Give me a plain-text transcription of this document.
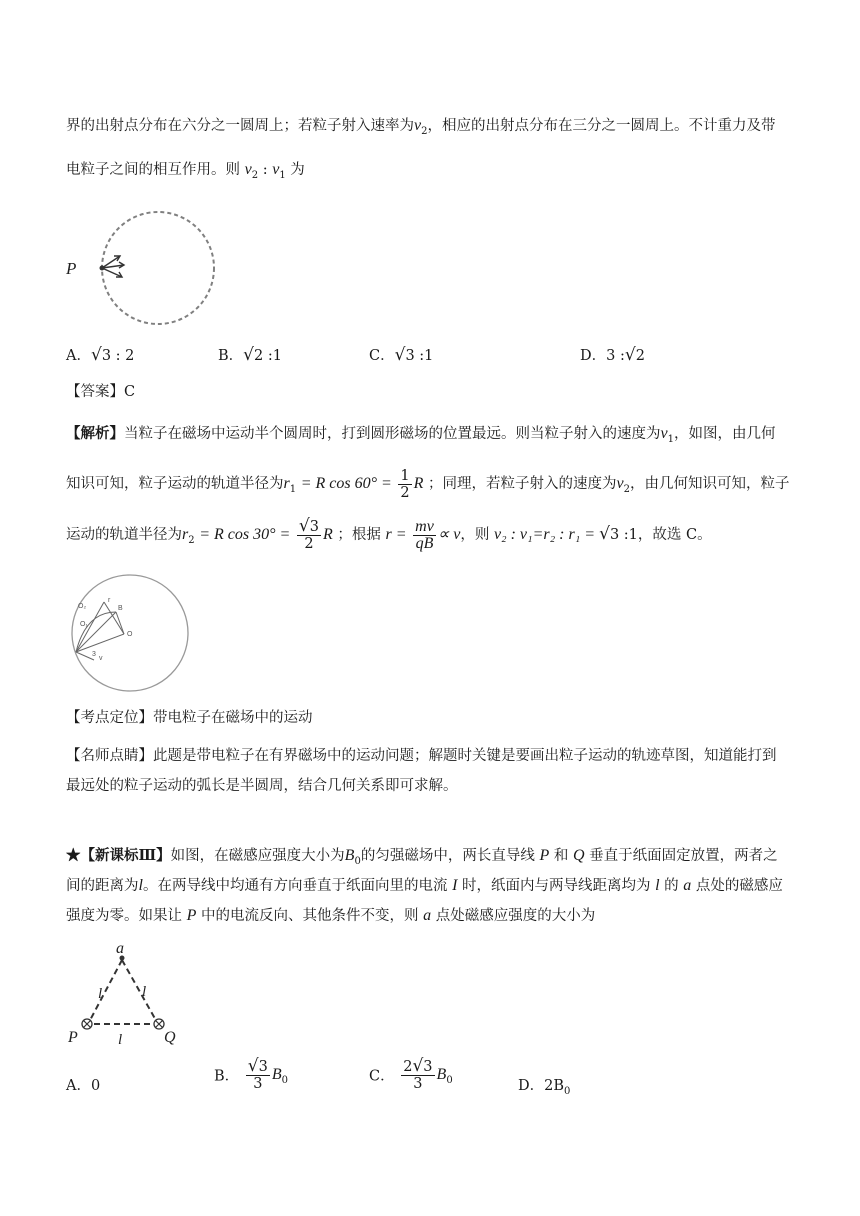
界的出射点分布在六分之一圆周上；若粒子射入速率为$v_2$，相应的出射点分布在三分之一圆周上。不计重力及带
电粒子之间的相互作用。则 $v_2$ : $v_1$ 为
P
A．√3 : 2	B．√2 :1	C．√3 :1	D．3 :√2
【答案】C
【解析】当粒子在磁场中运动半个圆周时，打到圆形磁场的位置最远。则当粒子射入的速度为$v_1$，如图，由几何
知识可知，粒子运动的轨道半径为$r_1 = R$ $\cos 60^\circ = \frac{1}{2}$ R ；同理，若粒子射入的速度为$v_2$，由几何知识可知，粒子
运动的轨道半径为$r_2 = R$ $\cos 30^\circ = \frac{√3}{2}$ R ；根据 $r = \frac{mv}{qB} \propto v$，则 v₂ : v₁=r₂ : r₁ = √3 :1，故选 C。
O₂
r
B
O
O₁
3
v
【考点定位】带电粒子在磁场中的运动
【名师点睛】此题是带电粒子在有界磁场中的运动问题；解题时关键是要画出粒子运动的轨迹草图，知道能打到
最远处的粒子运动的弧长是半圆周，结合几何关系即可求解。
★【新课标Ⅲ】如图，在磁感应强度大小为$B_0$的匀强磁场中，两长直导线 P 和 Q 垂直于纸面固定放置，两者之
间的距离为l。在两导线中均通有方向垂直于纸面向里的电流 I 时，纸面内与两导线距离均为 l 的 a 点处的磁感应
强度为零。如果让 P 中的电流反向、其他条件不变，则 a 点处磁感应强度的大小为
a
l	l
l
P	Q
A．0
B． $\frac{√3}{3} B_0$	C． $\frac{2√3}{3} B_0$	D．$2B_0$
